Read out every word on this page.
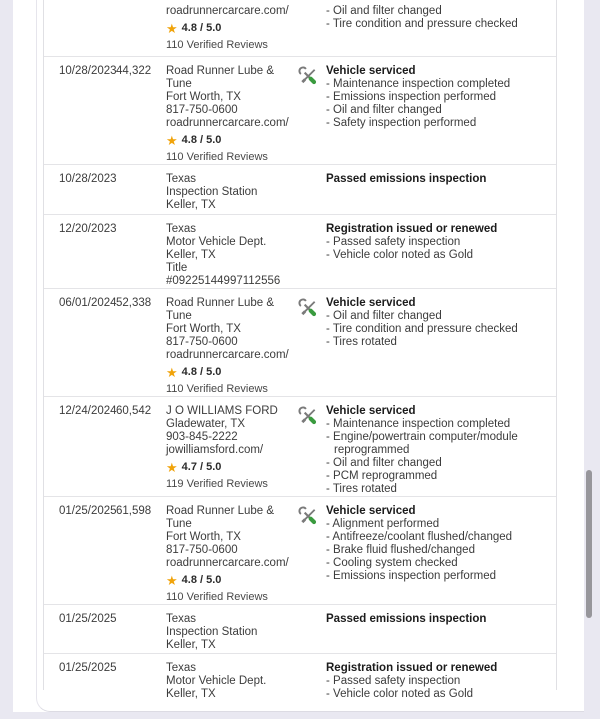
roadrunnercarcare.com/
★ 4.8 / 5.0
110 Verified Reviews
- Oil and filter changed
- Tire condition and pressure checked
10/28/2023 44,322	Road Runner Lube &
Tune
Fort Worth, TX
817-750-0600
roadrunnercarcare.com/
★ 4.8 / 5.0
110 Verified Reviews
Vehicle serviced
- Maintenance inspection completed
- Emissions inspection performed
- Oil and filter changed
- Safety inspection performed
10/28/2023	Texas
Inspection Station
Keller, TX
Passed emissions inspection
12/20/2023	Texas
Motor Vehicle Dept.
Keller, TX
Title
#09225144997112556
Registration issued or renewed
- Passed safety inspection
- Vehicle color noted as Gold
06/01/2024 52,338	Road Runner Lube &
Tune
Fort Worth, TX
817-750-0600
roadrunnercarcare.com/
★ 4.8 / 5.0
110 Verified Reviews
Vehicle serviced
- Oil and filter changed
- Tire condition and pressure checked
- Tires rotated
12/24/2024 60,542	J O WILLIAMS FORD
Gladewater, TX
903-845-2222
jowilliamsford.com/
★ 4.7 / 5.0
119 Verified Reviews
Vehicle serviced
- Maintenance inspection completed
- Engine/powertrain computer/module reprogrammed
- Oil and filter changed
- PCM reprogrammed
- Tires rotated
01/25/2025 61,598	Road Runner Lube &
Tune
Fort Worth, TX
817-750-0600
roadrunnercarcare.com/
★ 4.8 / 5.0
110 Verified Reviews
Vehicle serviced
- Alignment performed
- Antifreeze/coolant flushed/changed
- Brake fluid flushed/changed
- Cooling system checked
- Emissions inspection performed
01/25/2025	Texas
Inspection Station
Keller, TX
Passed emissions inspection
01/25/2025	Texas
Motor Vehicle Dept.
Keller, TX
Registration issued or renewed
- Passed safety inspection
- Vehicle color noted as Gold
